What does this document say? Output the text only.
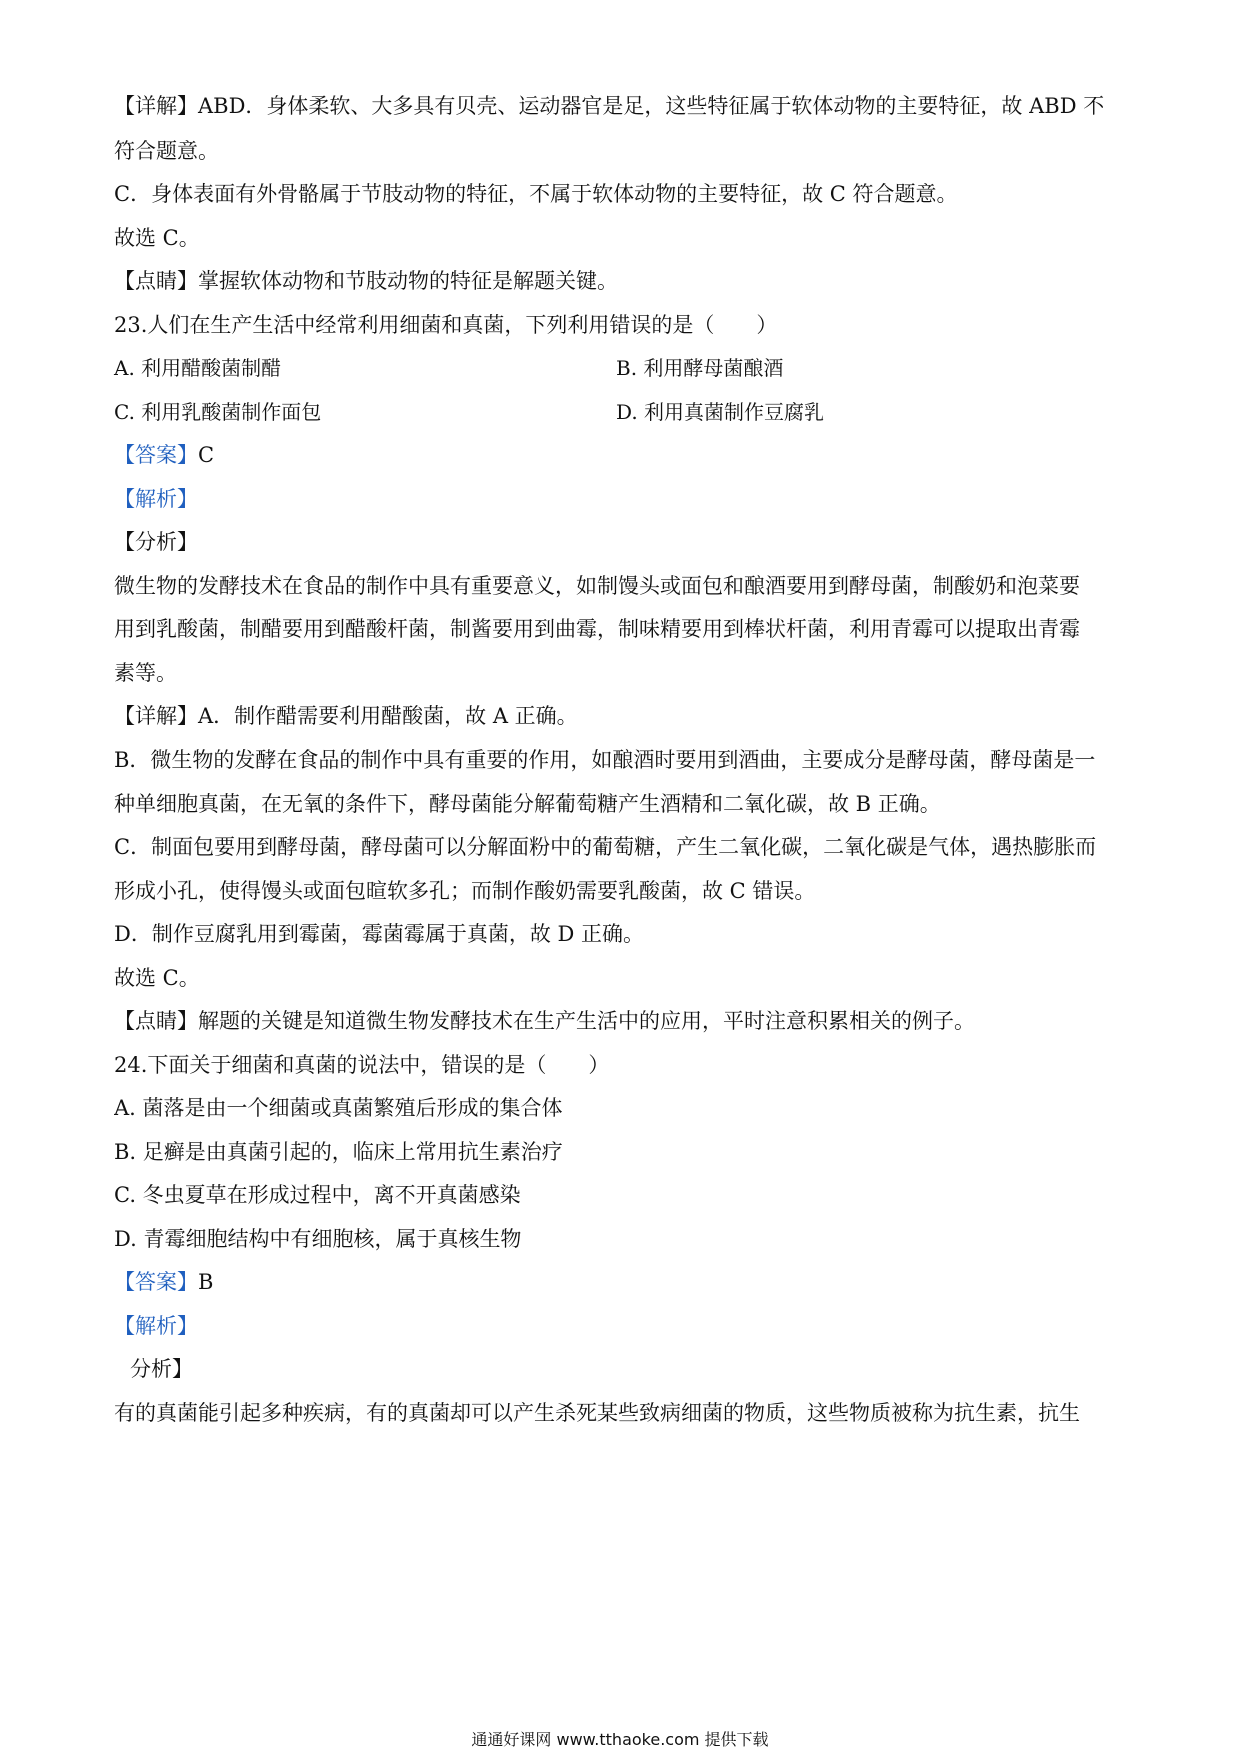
【详解】ABD．身体柔软、大多具有贝壳、运动器官是足，这些特征属于软体动物的主要特征，故 ABD 不
符合题意。
C．身体表面有外骨骼属于节肢动物的特征，不属于软体动物的主要特征，故 C 符合题意。
故选 C。
【点睛】掌握软体动物和节肢动物的特征是解题关键。
23.人们在生产生活中经常利用细菌和真菌，下列利用错误的是（　　）
A. 利用醋酸菌制醋	B. 利用酵母菌酿酒
C. 利用乳酸菌制作面包	D. 利用真菌制作豆腐乳
【答案】C
【解析】
【分析】
微生物的发酵技术在食品的制作中具有重要意义，如制馒头或面包和酿酒要用到酵母菌，制酸奶和泡菜要
用到乳酸菌，制醋要用到醋酸杆菌，制酱要用到曲霉，制味精要用到棒状杆菌，利用青霉可以提取出青霉
素等。
【详解】A．制作醋需要利用醋酸菌，故 A 正确。
B．微生物的发酵在食品的制作中具有重要的作用，如酿酒时要用到酒曲，主要成分是酵母菌，酵母菌是一
种单细胞真菌，在无氧的条件下，酵母菌能分解葡萄糖产生酒精和二氧化碳，故 B 正确。
C．制面包要用到酵母菌，酵母菌可以分解面粉中的葡萄糖，产生二氧化碳，二氧化碳是气体，遇热膨胀而
形成小孔，使得馒头或面包暄软多孔；而制作酸奶需要乳酸菌，故 C 错误。
D．制作豆腐乳用到霉菌，霉菌霉属于真菌，故 D 正确。
故选 C。
【点睛】解题的关键是知道微生物发酵技术在生产生活中的应用，平时注意积累相关的例子。
24.下面关于细菌和真菌的说法中，错误的是（　　）
A. 菌落是由一个细菌或真菌繁殖后形成的集合体
B. 足癣是由真菌引起的，临床上常用抗生素治疗
C. 冬虫夏草在形成过程中，离不开真菌感染
D. 青霉细胞结构中有细胞核，属于真核生物
【答案】B
【解析】
分析】
有的真菌能引起多种疾病，有的真菌却可以产生杀死某些致病细菌的物质，这些物质被称为抗生素，抗生
通通好课网 www.tthaoke.com 提供下载
